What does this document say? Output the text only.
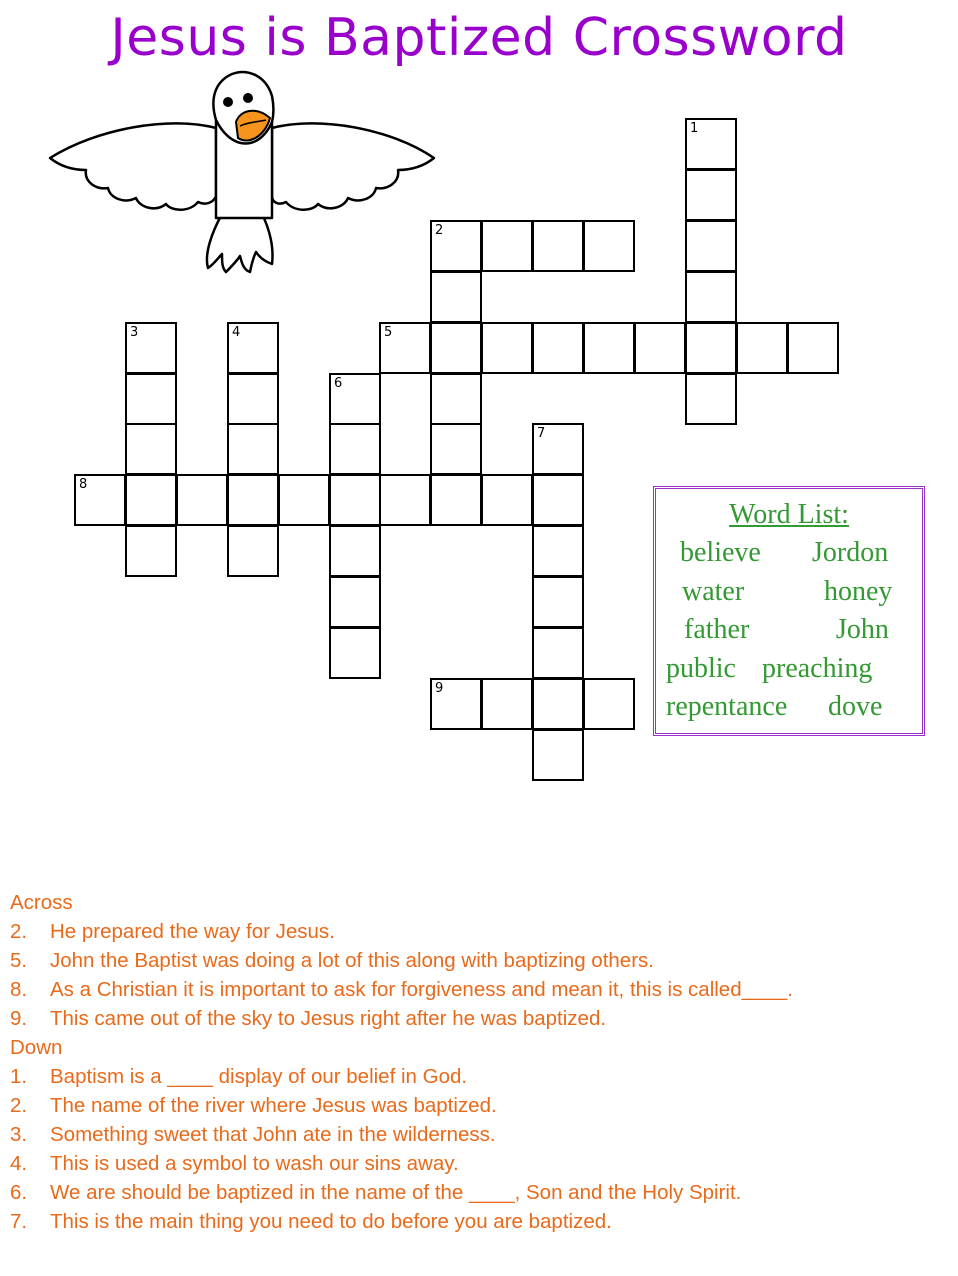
Jesus is Baptized Crossword
1
2
3	4	5
6
7
8
9
Word List:
believe Jordon
water	honey
father	John
public preaching
repentance dove
Across
2. He prepared the way for Jesus.
5. John the Baptist was doing a lot of this along with baptizing others.
8. As a Christian it is important to ask for forgiveness and mean it, this is called____.
9. This came out of the sky to Jesus right after he was baptized.
Down
1. Baptism is a ____ display of our belief in God.
2. The name of the river where Jesus was baptized.
3. Something sweet that John ate in the wilderness.
4. This is used a symbol to wash our sins away.
6. We are should be baptized in the name of the ____, Son and the Holy Spirit.
7. This is the main thing you need to do before you are baptized.
